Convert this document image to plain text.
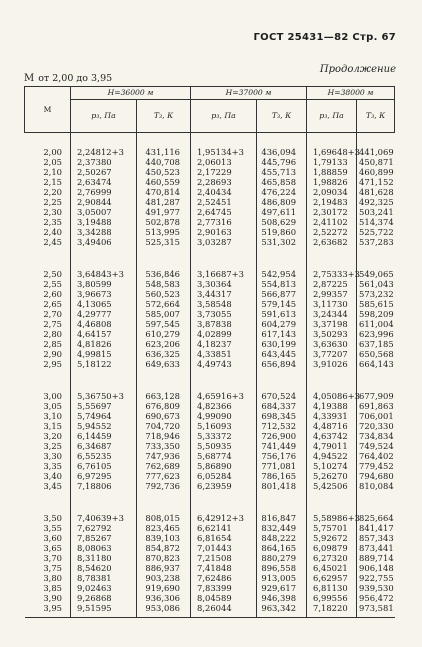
ГОСТ 25431—82 Стр. 67
Продолжение
М от 2,00 до 3,95
М	H=36000 м		H=37000 м		H=38000 м	
	p₃, Па	T₃, К	p₃, Па	T₃, К	p₃, Па	T₃, К

2,00	2,24812+3	431,116	1,95134+3	436,094	1,69648+3	441,069
2,05	2,37380	440,708	2,06013	445,796	1,79133	450,871
2,10	2,50267	450,523	2,17229	455,713	1,88859	460,899
2,15	2,63474	460,559	2,28693	465,858	1,98826	471,152
2,20	2,76999	470,814	2,40434	476,224	2,09034	481,628
2,25	2,90844	481,287	2,52451	486,809	2,19483	492,325
2,30	3,05007	491,977	2,64745	497,611	2,30172	503,241
2,35	3,19488	502,878	2,77316	508,629	2,41102	514,374
2,40	3,34288	513,995	2,90163	519,860	2,52272	525,722
2,45	3,49406	525,315	3,03287	531,302	2,63682	537,283

2,50	3,64843+3	536,846	3,16687+3	542,954	2,75333+3	549,065
2,55	3,80599	548,583	3,30364	554,813	2,87225	561,043
2,60	3,96673	560,523	3,44317	566,877	2,99357	573,232
2,65	4,13065	572,664	3,58548	579,145	3,11730	585,615
2,70	4,29777	585,007	3,73055	591,613	3,24344	598,209
2,75	4,46808	597,545	3,87838	604,279	3,37198	611,004
2,80	4,64157	610,279	4,02899	617,143	3,50293	623,996
2,85	4,81826	623,206	4,18237	630,199	3,63630	637,185
2,90	4,99815	636,325	4,33851	643,445	3,77207	650,568
2,95	5,18122	649,633	4,49743	656,894	3,91026	664,143

3,00	5,36750+3	663,128	4,65916+3	670,524	4,05086+3	677,909
3,05	5,55697	676,809	4,82366	684,337	4,19388	691,863
3,10	5,74964	690,673	4,99090	698,345	4,33931	706,001
3,15	5,94552	704,720	5,16093	712,532	4,48716	720,330
3,20	6,14459	718,946	5,33372	726,900	4,63742	734,834
3,25	6,34687	733,350	5,50935	741,449	4,79011	749,524
3,30	6,55235	747,936	5,68774	756,176	4,94522	764,402
3,35	6,76105	762,689	5,86890	771,081	5,10274	779,452
3,40	6,97295	777,623	6,05284	786,165	5,26270	794,680
3,45	7,18806	792,736	6,23959	801,418	5,42506	810,084

3,50	7,40639+3	808,015	6,42912+3	816,847	5,58986+3	825,664
3,55	7,62792	823,465	6,62141	832,449	5,75701	841,417
3,60	7,85267	839,103	6,81654	848,222	5,92672	857,343
3,65	8,08063	854,872	7,01443	864,165	6,09879	873,441
3,70	8,31180	870,823	7,21508	880,279	6,27320	889,714
3,75	8,54620	886,937	7,41848	896,558	6,45021	906,148
3,80	8,78381	903,238	7,62486	913,005	6,62957	922,755
3,85	9,02463	919,690	7,83399	929,617	6,81130	939,530
3,90	9,26868	936,306	8,04589	946,398	6,99556	956,472
3,95	9,51595	953,086	8,26044	963,342	7,18220	973,581
